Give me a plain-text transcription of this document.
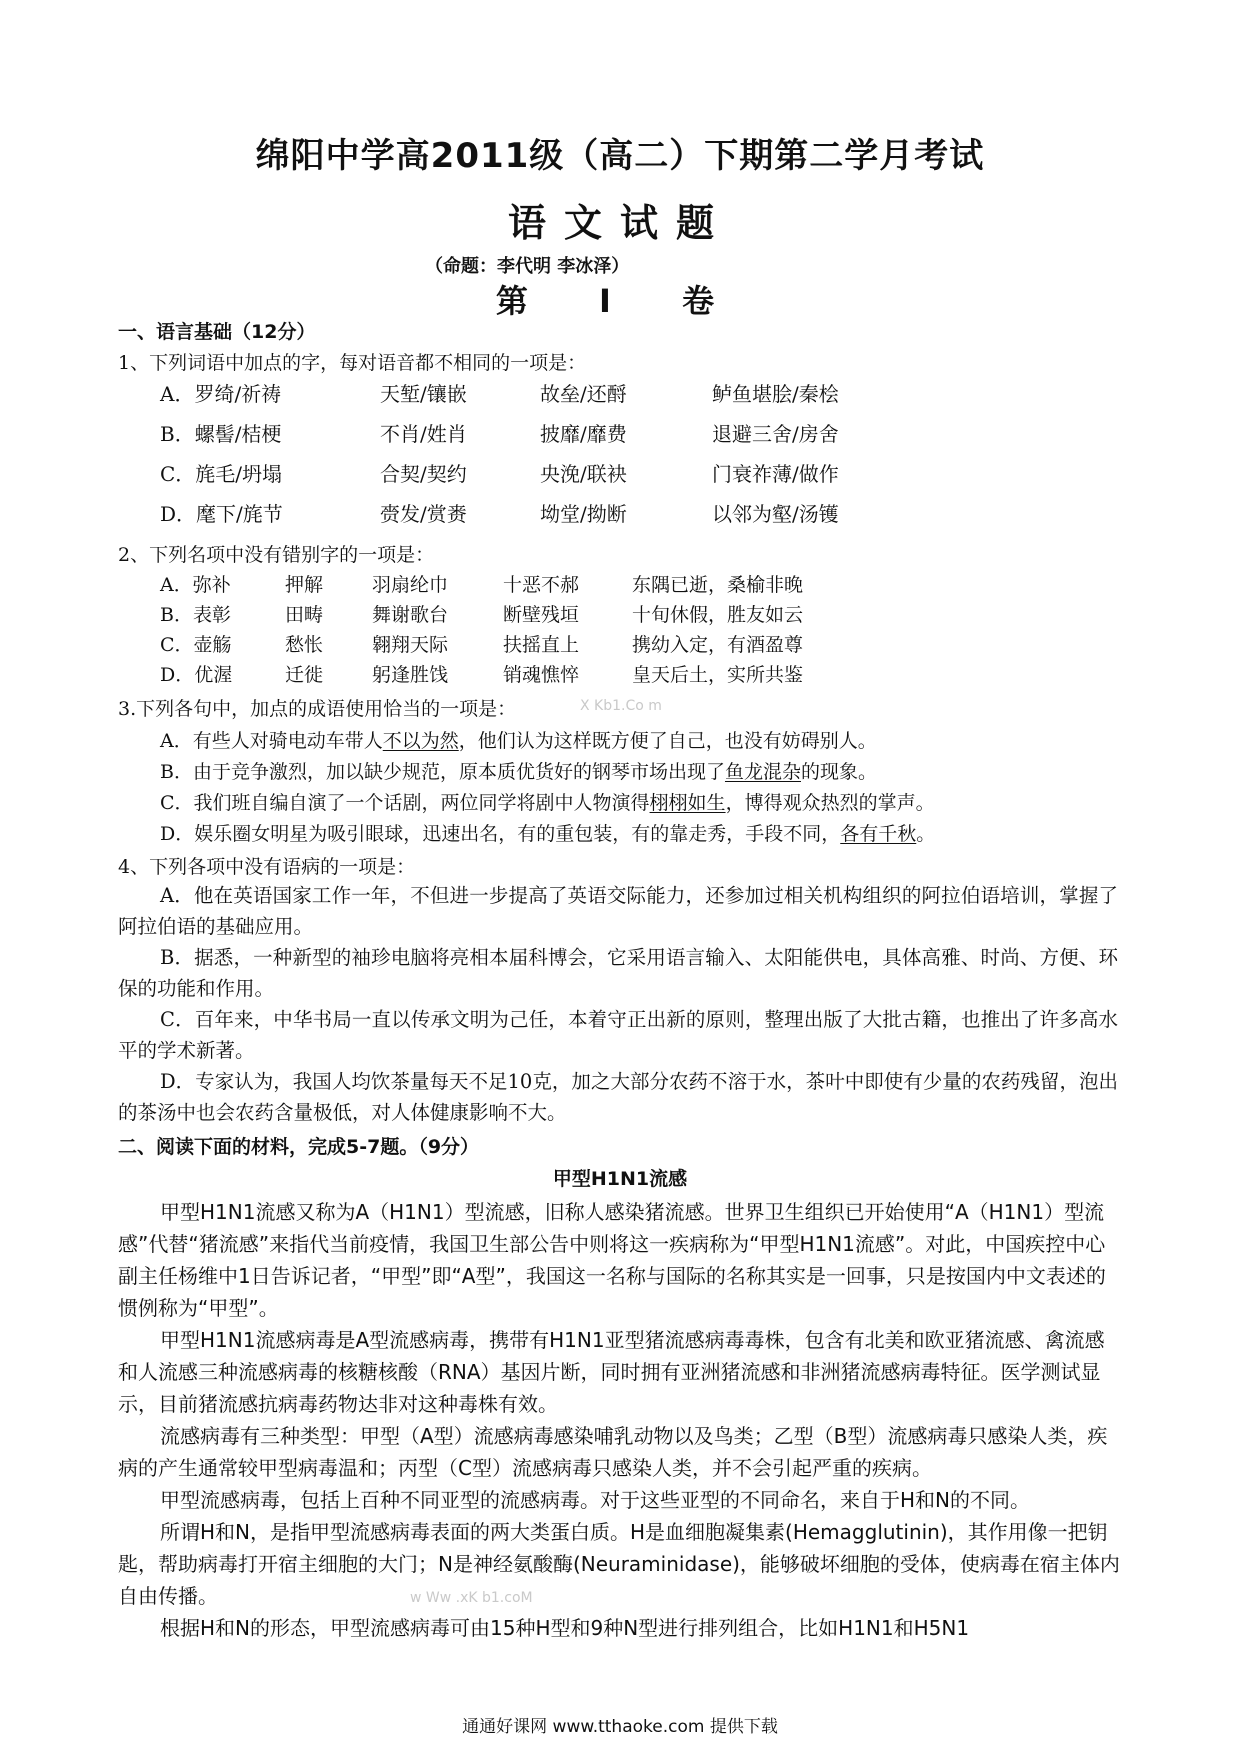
绵阳中学高2011级（高二）下期第二学月考试
语文试题
（命题：李代明 李冰泽）
第 I 卷
一、语言基础（12分）
1、下列词语中加点的字，每对语音都不相同的一项是：
A．罗绮/祈祷	天堑/镶嵌	故垒/还酹	鲈鱼堪脍/秦桧
B．螺髻/桔梗	不肖/姓肖	披靡/靡费	退避三舍/房舍
C．旄毛/坍塌	合契/契约	央浼/联袂	门衰祚薄/做作
D．麾下/旄节	赍发/赏赉	坳堂/拗断	以邻为壑/汤镬
2、下列名项中没有错别字的一项是：
A．弥补	押解	羽扇纶巾	十恶不郝	东隅已逝，桑榆非晚
B．表彰	田畴	舞谢歌台	断壁残垣	十旬休假，胜友如云
C．壶觞	愁怅	翱翔天际	扶摇直上	携幼入定，有酒盈尊
D．优渥	迁徙	躬逢胜饯	销魂憔悴	皇天后土，实所共鉴
3.下列各句中，加点的成语使用恰当的一项是：	X Kb1.Co m
A．有些人对骑电动车带人不以为然，他们认为这样既方便了自己，也没有妨碍别人。
B．由于竞争激烈，加以缺少规范，原本质优货好的钢琴市场出现了鱼龙混杂的现象。
C．我们班自编自演了一个话剧，两位同学将剧中人物演得栩栩如生，博得观众热烈的掌声。
D．娱乐圈女明星为吸引眼球，迅速出名，有的重包装，有的靠走秀，手段不同，各有千秋。
4、下列各项中没有语病的一项是：
A．他在英语国家工作一年，不但进一步提高了英语交际能力，还参加过相关机构组织的阿拉伯语培训，掌握了阿拉伯语的基础应用。
B．据悉，一种新型的袖珍电脑将亮相本届科博会，它采用语言输入、太阳能供电，具体高雅、时尚、方便、环保的功能和作用。
C．百年来，中华书局一直以传承文明为己任，本着守正出新的原则，整理出版了大批古籍，也推出了许多高水平的学术新著。
D．专家认为，我国人均饮茶量每天不足10克，加之大部分农药不溶于水，茶叶中即使有少量的农药残留，泡出的茶汤中也会农药含量极低，对人体健康影响不大。
二、阅读下面的材料，完成5-7题。（9分）
甲型H1N1流感
甲型H1N1流感又称为A（H1N1）型流感，旧称人感染猪流感。世界卫生组织已开始使用“A（H1N1）型流感”代替“猪流感”来指代当前疫情，我国卫生部公告中则将这一疾病称为“甲型H1N1流感”。对此，中国疾控中心副主任杨维中1日告诉记者，“甲型”即“A型”，我国这一名称与国际的名称其实是一回事，只是按国内中文表述的惯例称为“甲型”。
甲型H1N1流感病毒是A型流感病毒，携带有H1N1亚型猪流感病毒毒株，包含有北美和欧亚猪流感、禽流感和人流感三种流感病毒的核糖核酸（RNA）基因片断，同时拥有亚洲猪流感和非洲猪流感病毒特征。医学测试显示，目前猪流感抗病毒药物达非对这种毒株有效。
流感病毒有三种类型：甲型（A型）流感病毒感染哺乳动物以及鸟类；乙型（B型）流感病毒只感染人类，疾病的产生通常较甲型病毒温和；丙型（C型）流感病毒只感染人类，并不会引起严重的疾病。
甲型流感病毒，包括上百种不同亚型的流感病毒。对于这些亚型的不同命名，来自于H和N的不同。
所谓H和N，是指甲型流感病毒表面的两大类蛋白质。H是血细胞凝集素(Hemagglutinin)，其作用像一把钥匙，帮助病毒打开宿主细胞的大门；N是神经氨酸酶(Neuraminidase)，能够破坏细胞的受体，使病毒在宿主体内自由传播。	w Ww .xK b1.coM
根据H和N的形态，甲型流感病毒可由15种H型和9种N型进行排列组合，比如H1N1和H5N1
通通好课网 www.tthaoke.com 提供下载
